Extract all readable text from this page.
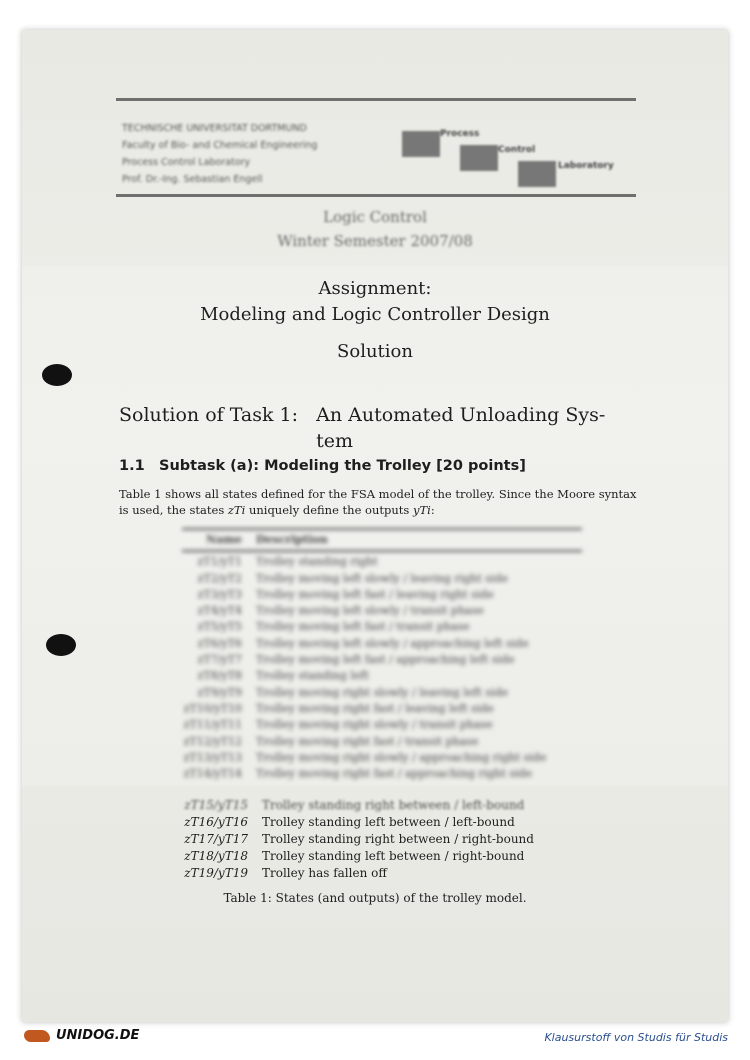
TECHNISCHE UNIVERSITÄT DORTMUND
Faculty of Bio- and Chemical Engineering
Process Control Laboratory
Prof. Dr.-Ing. Sebastian Engell
Process
Control
Laboratory
Logic Control
Winter Semester 2007/08
Assignment:
Modeling and Logic Controller Design
Solution
Solution of Task 1: An Automated Unloading Sys-
tem
1.1 Subtask (a): Modeling the Trolley [20 points]
Table 1 shows all states defined for the FSA model of the trolley. Since the Moore syntax
is used, the states zTi uniquely define the outputs yTi:
Name Description
zT1/yT1 Trolley standing right
zT2/yT2 Trolley moving left slowly / leaving right side
zT3/yT3 Trolley moving left fast / leaving right side
zT4/yT4 Trolley moving left slowly / transit phase
zT5/yT5 Trolley moving left fast / transit phase
zT6/yT6 Trolley moving left slowly / approaching left side
zT7/yT7 Trolley moving left fast / approaching left side
zT8/yT8 Trolley standing left
zT9/yT9 Trolley moving right slowly / leaving left side
zT10/yT10 Trolley moving right fast / leaving left side
zT11/yT11 Trolley moving right slowly / transit phase
zT12/yT12 Trolley moving right fast / transit phase
zT13/yT13 Trolley moving right slowly / approaching right side
zT14/yT14 Trolley moving right fast / approaching right side
zT15/yT15 Trolley standing right between / left-bound
zT16/yT16 Trolley standing left between / left-bound
zT17/yT17 Trolley standing right between / right-bound
zT18/yT18 Trolley standing left between / right-bound
zT19/yT19 Trolley has fallen off
Table 1: States (and outputs) of the trolley model.
UNIDOG.DE	Klausurstoff von Studis für Studis
